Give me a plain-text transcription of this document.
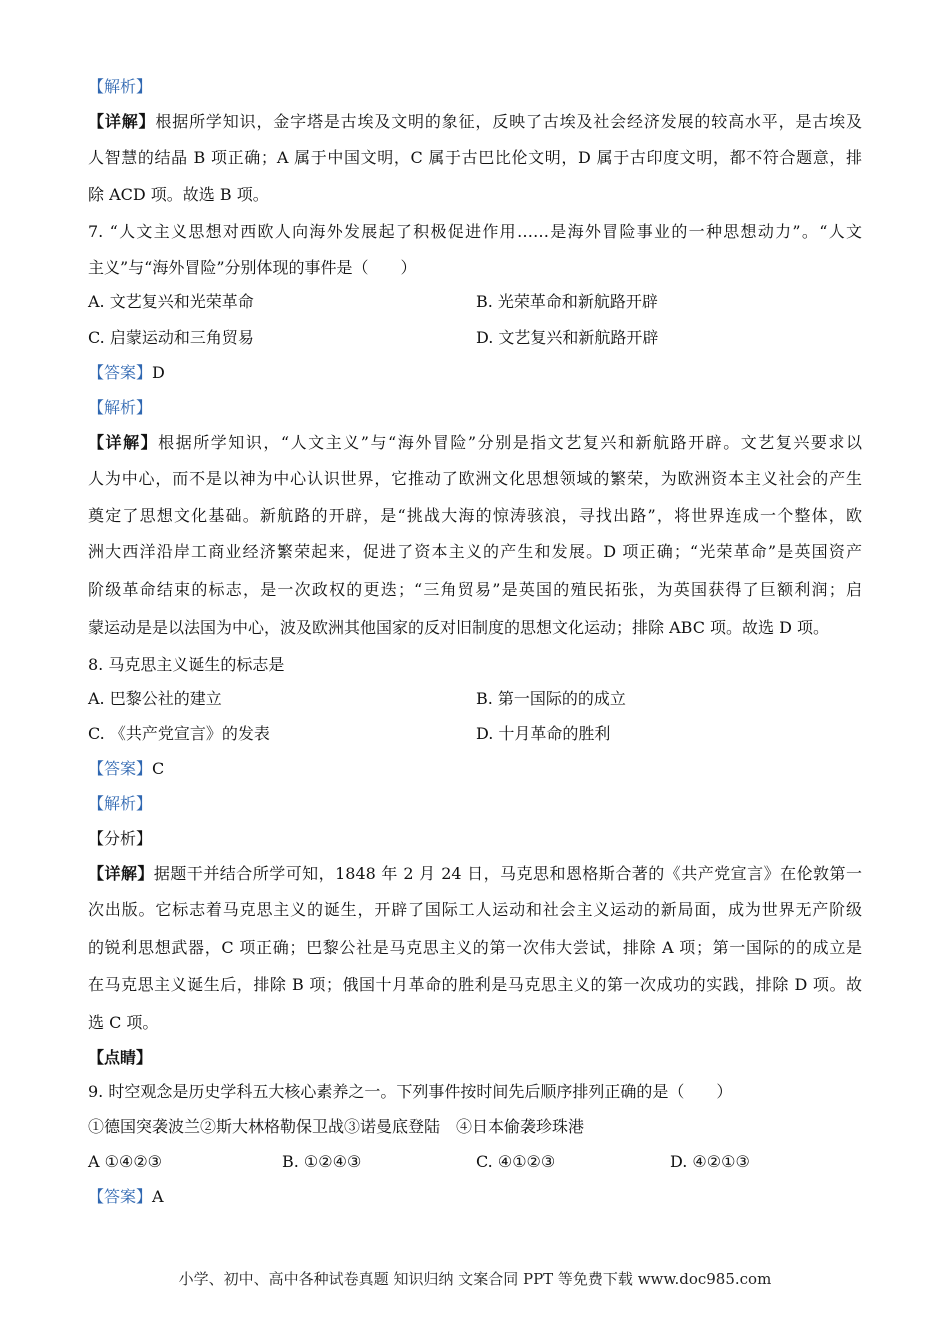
【解析】
【详解】根据所学知识，金字塔是古埃及文明的象征，反映了古埃及社会经济发展的较高水平，是古埃及
人智慧的结晶 B 项正确；A 属于中国文明，C 属于古巴比伦文明，D 属于古印度文明，都不符合题意，排
除 ACD 项。故选 B 项。
7. “人文主义思想对西欧人向海外发展起了积极促进作用……是海外冒险事业的一种思想动力”。“人文
主义”与“海外冒险”分别体现的事件是（　　）
A. 文艺复兴和光荣革命	B. 光荣革命和新航路开辟
C. 启蒙运动和三角贸易	D. 文艺复兴和新航路开辟
【答案】D
【解析】
【详解】根据所学知识，“人文主义”与“海外冒险”分别是指文艺复兴和新航路开辟。文艺复兴要求以
人为中心，而不是以神为中心认识世界，它推动了欧洲文化思想领域的繁荣，为欧洲资本主义社会的产生
奠定了思想文化基础。新航路的开辟，是“挑战大海的惊涛骇浪，寻找出路”，将世界连成一个整体，欧
洲大西洋沿岸工商业经济繁荣起来，促进了资本主义的产生和发展。D 项正确；“光荣革命”是英国资产
阶级革命结束的标志，是一次政权的更迭；“三角贸易”是英国的殖民拓张，为英国获得了巨额利润；启
蒙运动是是以法国为中心，波及欧洲其他国家的反对旧制度的思想文化运动；排除 ABC 项。故选 D 项。
8. 马克思主义诞生的标志是
A. 巴黎公社的建立	B. 第一国际的的成立
C. 《共产党宣言》的发表	D. 十月革命的胜利
【答案】C
【解析】
【分析】
【详解】据题干并结合所学可知，1848 年 2 月 24 日，马克思和恩格斯合著的《共产党宣言》在伦敦第一
次出版。它标志着马克思主义的诞生，开辟了国际工人运动和社会主义运动的新局面，成为世界无产阶级
的锐利思想武器，C 项正确；巴黎公社是马克思主义的第一次伟大尝试，排除 A 项；第一国际的的成立是
在马克思主义诞生后，排除 B 项；俄国十月革命的胜利是马克思主义的第一次成功的实践，排除 D 项。故
选 C 项。
【点睛】
9. 时空观念是历史学科五大核心素养之一。下列事件按时间先后顺序排列正确的是（　　）
①德国突袭波兰②斯大林格勒保卫战③诺曼底登陆　④日本偷袭珍珠港
A ①④②③	B. ①②④③	C. ④①②③	D. ④②①③
【答案】A
小学、初中、高中各种试卷真题 知识归纳 文案合同 PPT 等免费下载 www.doc985.com
